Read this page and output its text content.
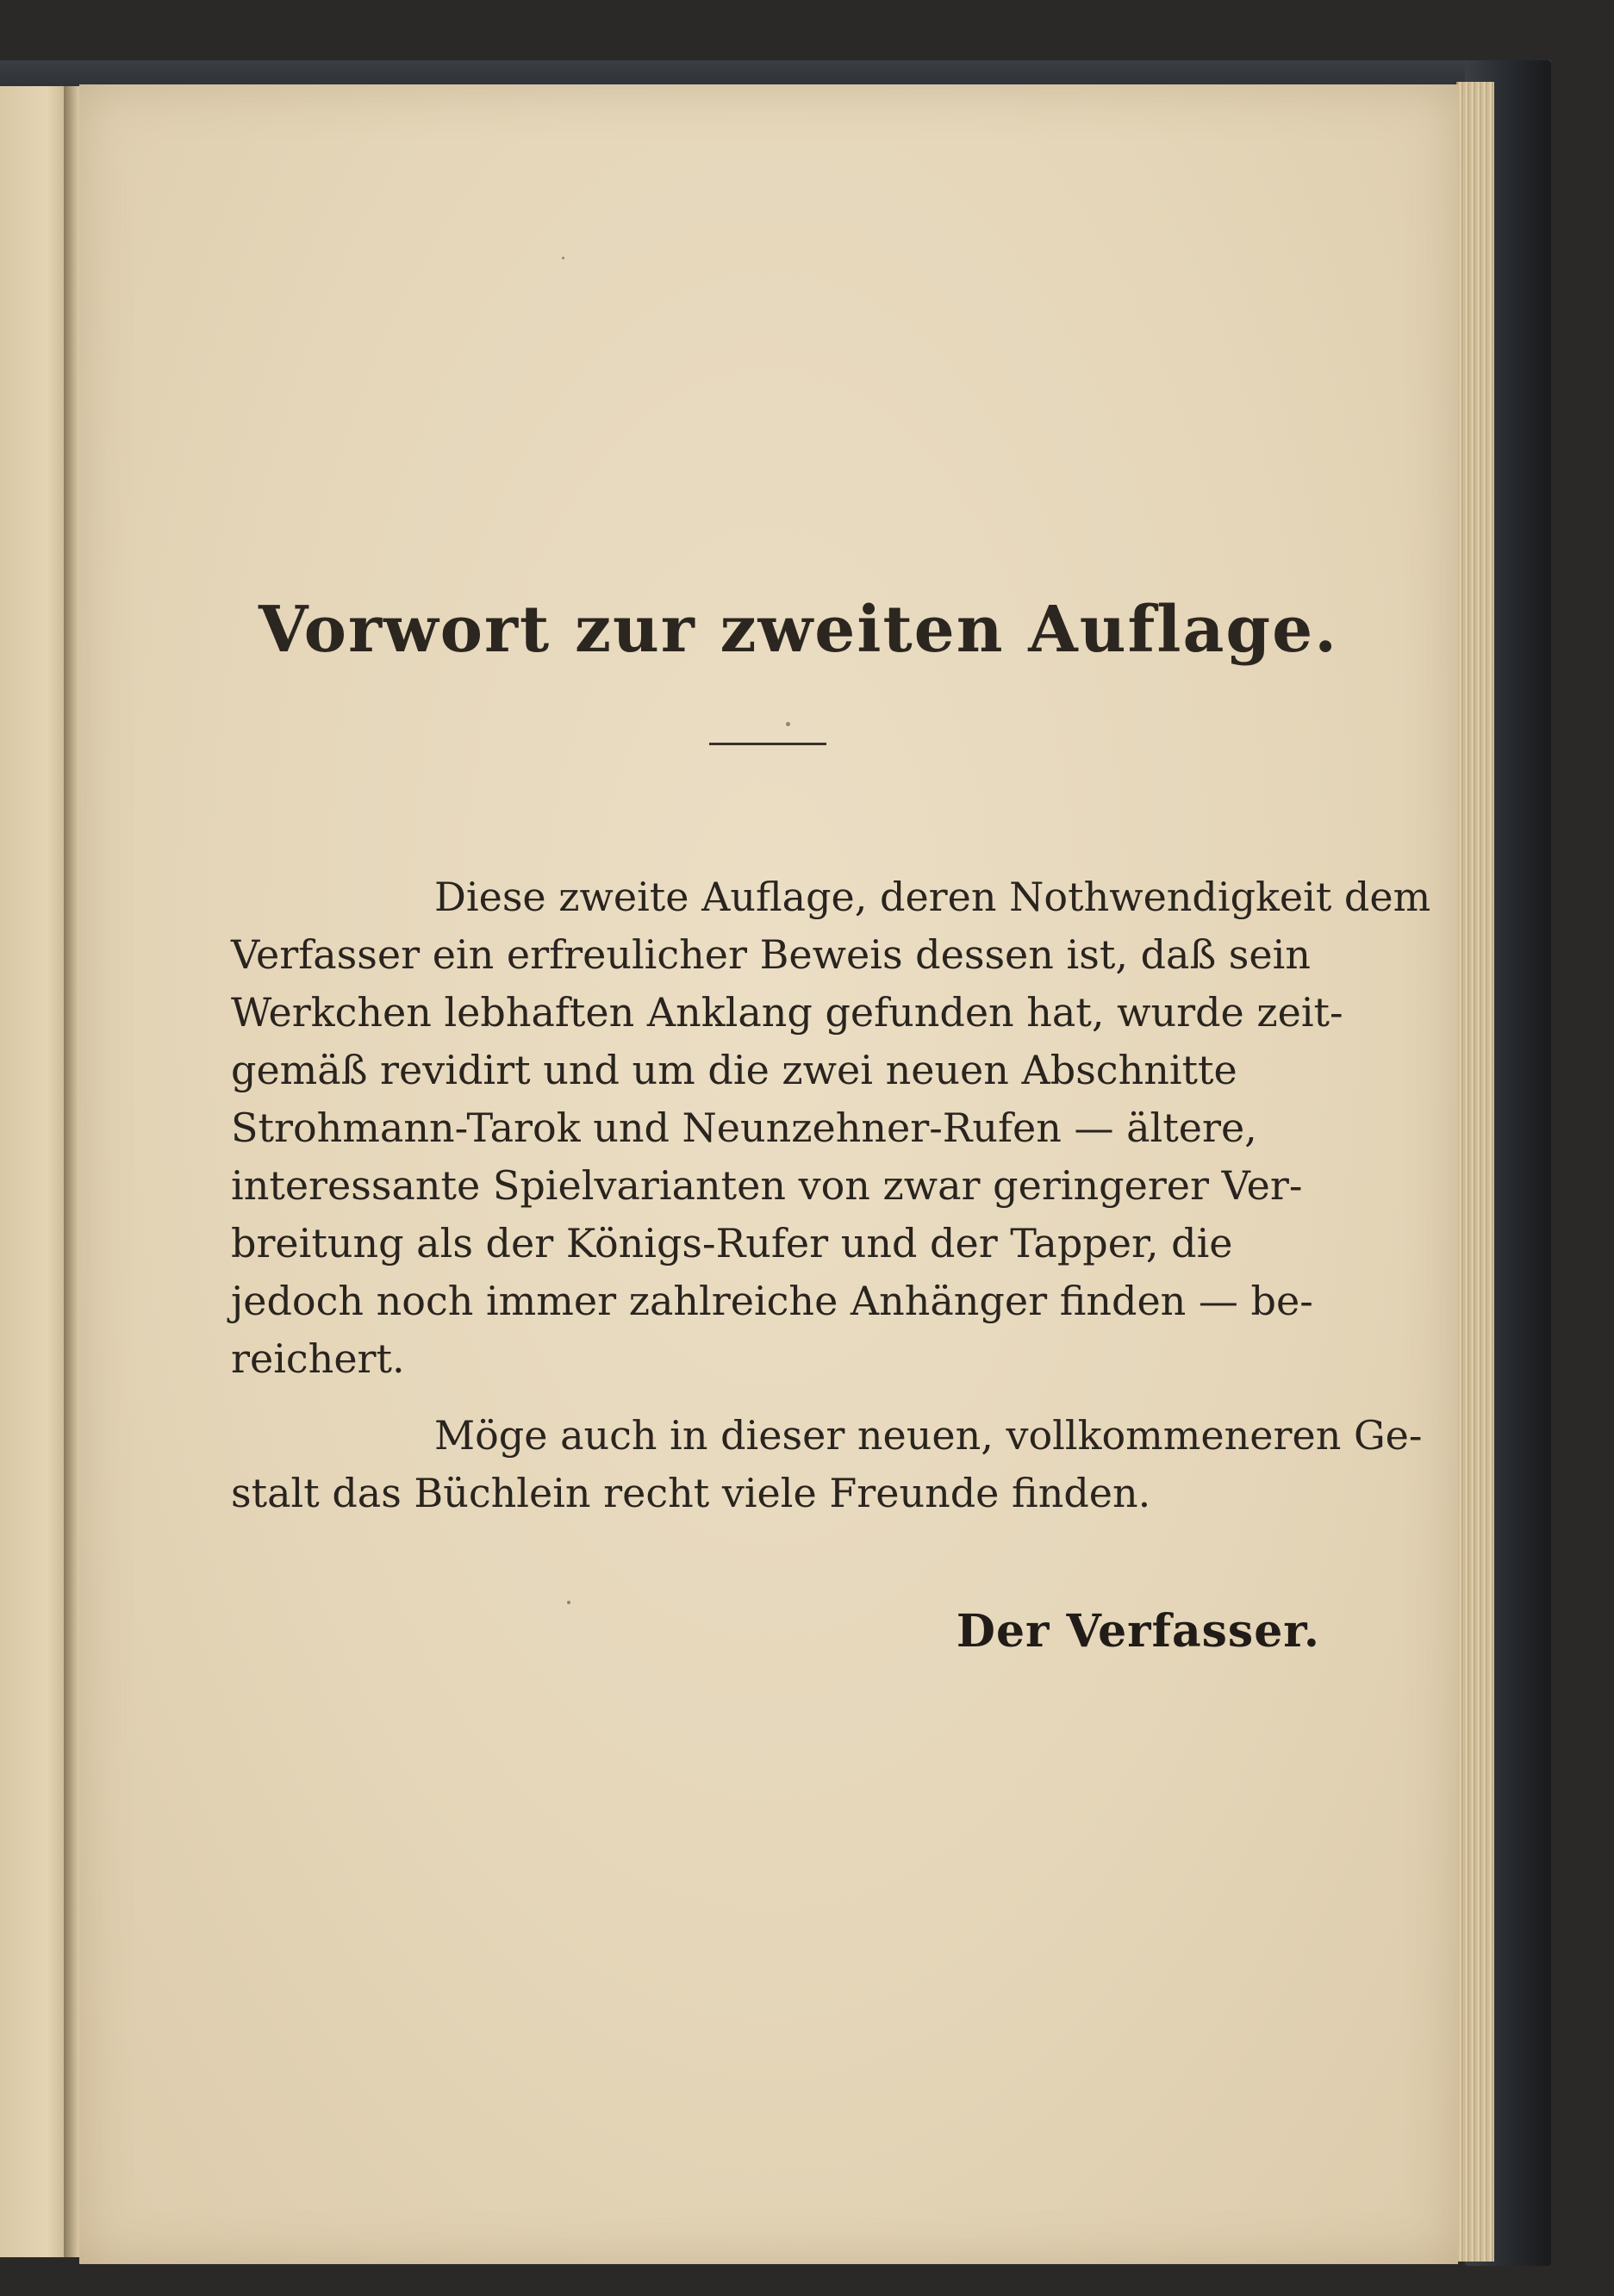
Vorwort zur zweiten Auflage.

Diese zweite Auflage, deren Nothwendigkeit dem
Verfasser ein erfreulicher Beweis dessen ist, daß sein
Werkchen lebhaften Anklang gefunden hat, wurde zeit-
gemäß revidirt und um die zwei neuen Abschnitte
Strohmann-Tarok und Neunzehner-Rufen — ältere,
interessante Spielvarianten von zwar geringerer Ver-
breitung als der Königs-Rufer und der Tapper, die
jedoch noch immer zahlreiche Anhänger finden — be-
reichert.

Möge auch in dieser neuen, vollkommeneren Ge-
stalt das Büchlein recht viele Freunde finden.

Der Verfasser.
